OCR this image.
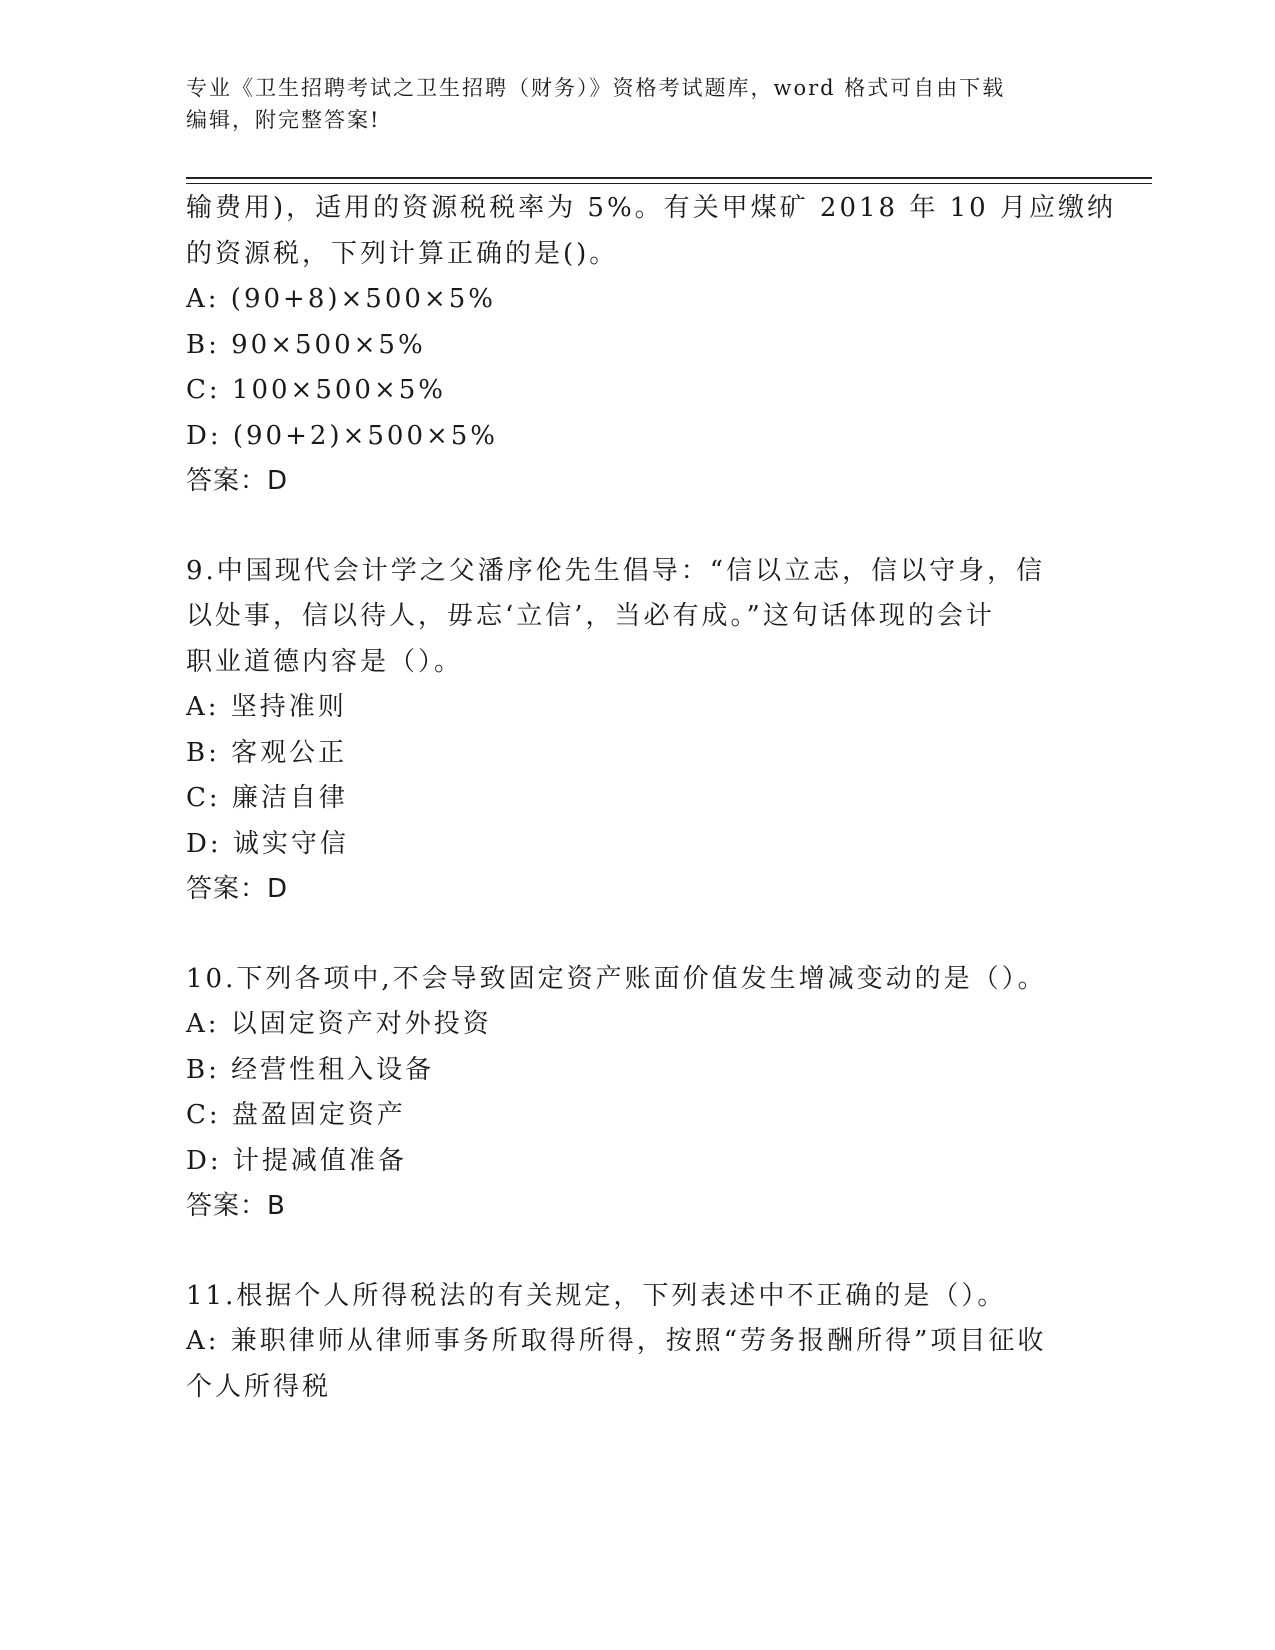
专业《卫生招聘考试之卫生招聘（财务）》资格考试题库，word 格式可自由下载
编辑，附完整答案!
输费用)，适用的资源税税率为 5%。有关甲煤矿 2018 年 10 月应缴纳
的资源税，下列计算正确的是()。
A: (90+8)×500×5%
B: 90×500×5%
C: 100×500×5%
D: (90+2)×500×5%
答案：D
9.中国现代会计学之父潘序伦先生倡导：“信以立志，信以守身，信
以处事，信以待人，毋忘‘立信’，当必有成。”这句话体现的会计
职业道德内容是（）。
A: 坚持准则
B: 客观公正
C: 廉洁自律
D: 诚实守信
答案：D
10.下列各项中,不会导致固定资产账面价值发生增减变动的是（）。
A: 以固定资产对外投资
B: 经营性租入设备
C: 盘盈固定资产
D: 计提减值准备
答案：B
11.根据个人所得税法的有关规定，下列表述中不正确的是（）。
A: 兼职律师从律师事务所取得所得，按照“劳务报酬所得”项目征收
个人所得税
